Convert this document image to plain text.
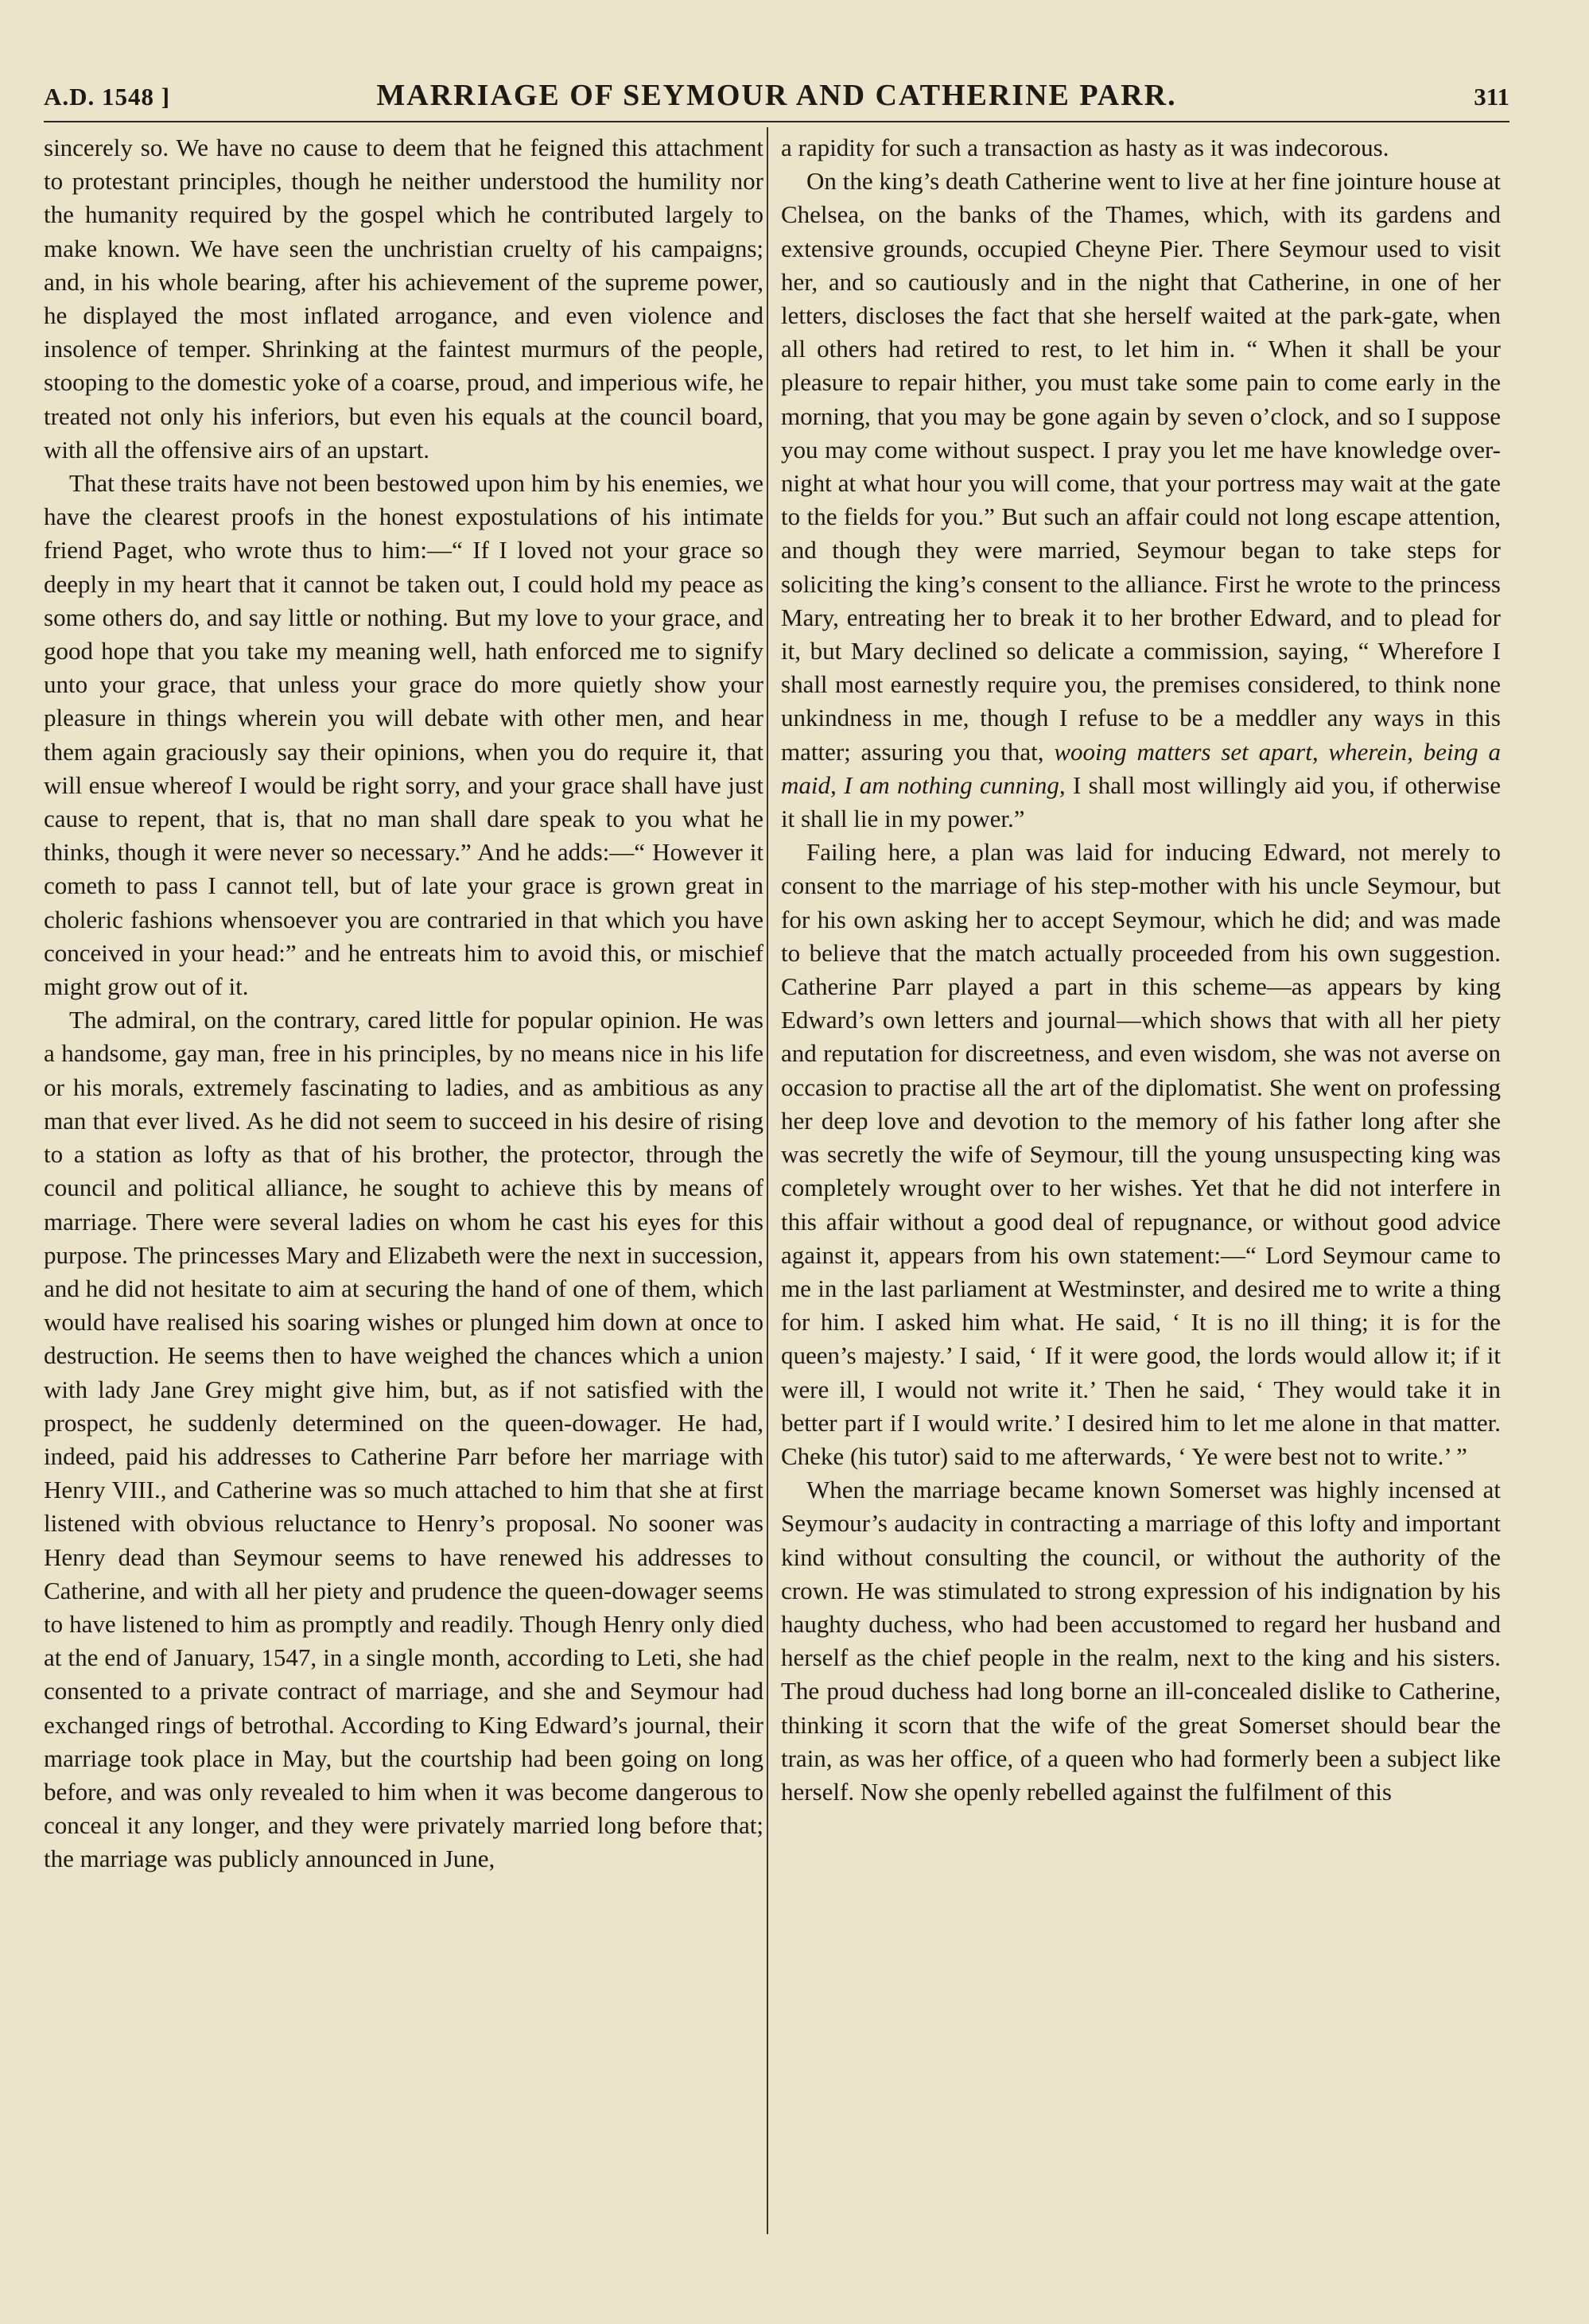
A.D. 1548 ]	MARRIAGE OF SEYMOUR AND CATHERINE PARR.	311

sincerely so. We have no cause to deem that he feigned this attachment to protestant principles, though he neither understood the humility nor the humanity required by the gospel which he contributed largely to make known. We have seen the unchristian cruelty of his campaigns; and, in his whole bearing, after his achievement of the supreme power, he displayed the most inflated arrogance, and even violence and insolence of temper. Shrinking at the faintest murmurs of the people, stooping to the domestic yoke of a coarse, proud, and imperious wife, he treated not only his inferiors, but even his equals at the council board, with all the offensive airs of an upstart.

That these traits have not been bestowed upon him by his enemies, we have the clearest proofs in the honest expostulations of his intimate friend Paget, who wrote thus to him:—“ If I loved not your grace so deeply in my heart that it cannot be taken out, I could hold my peace as some others do, and say little or nothing. But my love to your grace, and good hope that you take my meaning well, hath enforced me to signify unto your grace, that unless your grace do more quietly show your pleasure in things wherein you will debate with other men, and hear them again graciously say their opinions, when you do require it, that will ensue whereof I would be right sorry, and your grace shall have just cause to repent, that is, that no man shall dare speak to you what he thinks, though it were never so necessary.” And he adds:—“ However it cometh to pass I cannot tell, but of late your grace is grown great in choleric fashions whensoever you are contraried in that which you have conceived in your head:” and he entreats him to avoid this, or mischief might grow out of it.

The admiral, on the contrary, cared little for popular opinion. He was a handsome, gay man, free in his principles, by no means nice in his life or his morals, extremely fascinating to ladies, and as ambitious as any man that ever lived. As he did not seem to succeed in his desire of rising to a station as lofty as that of his brother, the protector, through the council and political alliance, he sought to achieve this by means of marriage. There were several ladies on whom he cast his eyes for this purpose. The princesses Mary and Elizabeth were the next in succession, and he did not hesitate to aim at securing the hand of one of them, which would have realised his soaring wishes or plunged him down at once to destruction. He seems then to have weighed the chances which a union with lady Jane Grey might give him, but, as if not satisfied with the prospect, he suddenly determined on the queen-dowager. He had, indeed, paid his addresses to Catherine Parr before her marriage with Henry VIII., and Catherine was so much attached to him that she at first listened with obvious reluctance to Henry’s proposal. No sooner was Henry dead than Seymour seems to have renewed his addresses to Catherine, and with all her piety and prudence the queen-dowager seems to have listened to him as promptly and readily. Though Henry only died at the end of January, 1547, in a single month, according to Leti, she had consented to a private contract of marriage, and she and Seymour had exchanged rings of betrothal. According to King Edward’s journal, their marriage took place in May, but the courtship had been going on long before, and was only revealed to him when it was become dangerous to conceal it any longer, and they were privately married long before that; the marriage was publicly announced in June,

a rapidity for such a transaction as hasty as it was indecorous.

On the king’s death Catherine went to live at her fine jointure house at Chelsea, on the banks of the Thames, which, with its gardens and extensive grounds, occupied Cheyne Pier. There Seymour used to visit her, and so cautiously and in the night that Catherine, in one of her letters, discloses the fact that she herself waited at the park-gate, when all others had retired to rest, to let him in. “ When it shall be your pleasure to repair hither, you must take some pain to come early in the morning, that you may be gone again by seven o’clock, and so I suppose you may come without suspect. I pray you let me have knowledge over-night at what hour you will come, that your portress may wait at the gate to the fields for you.” But such an affair could not long escape attention, and though they were married, Seymour began to take steps for soliciting the king’s consent to the alliance. First he wrote to the princess Mary, entreating her to break it to her brother Edward, and to plead for it, but Mary declined so delicate a commission, saying, “ Wherefore I shall most earnestly require you, the premises considered, to think none unkindness in me, though I refuse to be a meddler any ways in this matter; assuring you that, wooing matters set apart, wherein, being a maid, I am nothing cunning, I shall most willingly aid you, if otherwise it shall lie in my power.”

Failing here, a plan was laid for inducing Edward, not merely to consent to the marriage of his step-mother with his uncle Seymour, but for his own asking her to accept Seymour, which he did; and was made to believe that the match actually proceeded from his own suggestion. Catherine Parr played a part in this scheme—as appears by king Edward’s own letters and journal—which shows that with all her piety and reputation for discreetness, and even wisdom, she was not averse on occasion to practise all the art of the diplomatist. She went on professing her deep love and devotion to the memory of his father long after she was secretly the wife of Seymour, till the young unsuspecting king was completely wrought over to her wishes. Yet that he did not interfere in this affair without a good deal of repugnance, or without good advice against it, appears from his own statement:—“ Lord Seymour came to me in the last parliament at Westminster, and desired me to write a thing for him. I asked him what. He said, ‘ It is no ill thing; it is for the queen’s majesty.’ I said, ‘ If it were good, the lords would allow it; if it were ill, I would not write it.’ Then he said, ‘ They would take it in better part if I would write.’ I desired him to let me alone in that matter. Cheke (his tutor) said to me afterwards, ‘ Ye were best not to write.’ ”

When the marriage became known Somerset was highly incensed at Seymour’s audacity in contracting a marriage of this lofty and important kind without consulting the council, or without the authority of the crown. He was stimulated to strong expression of his indignation by his haughty duchess, who had been accustomed to regard her husband and herself as the chief people in the realm, next to the king and his sisters. The proud duchess had long borne an ill-concealed dislike to Catherine, thinking it scorn that the wife of the great Somerset should bear the train, as was her office, of a queen who had formerly been a subject like herself. Now she openly rebelled against the fulfilment of this
